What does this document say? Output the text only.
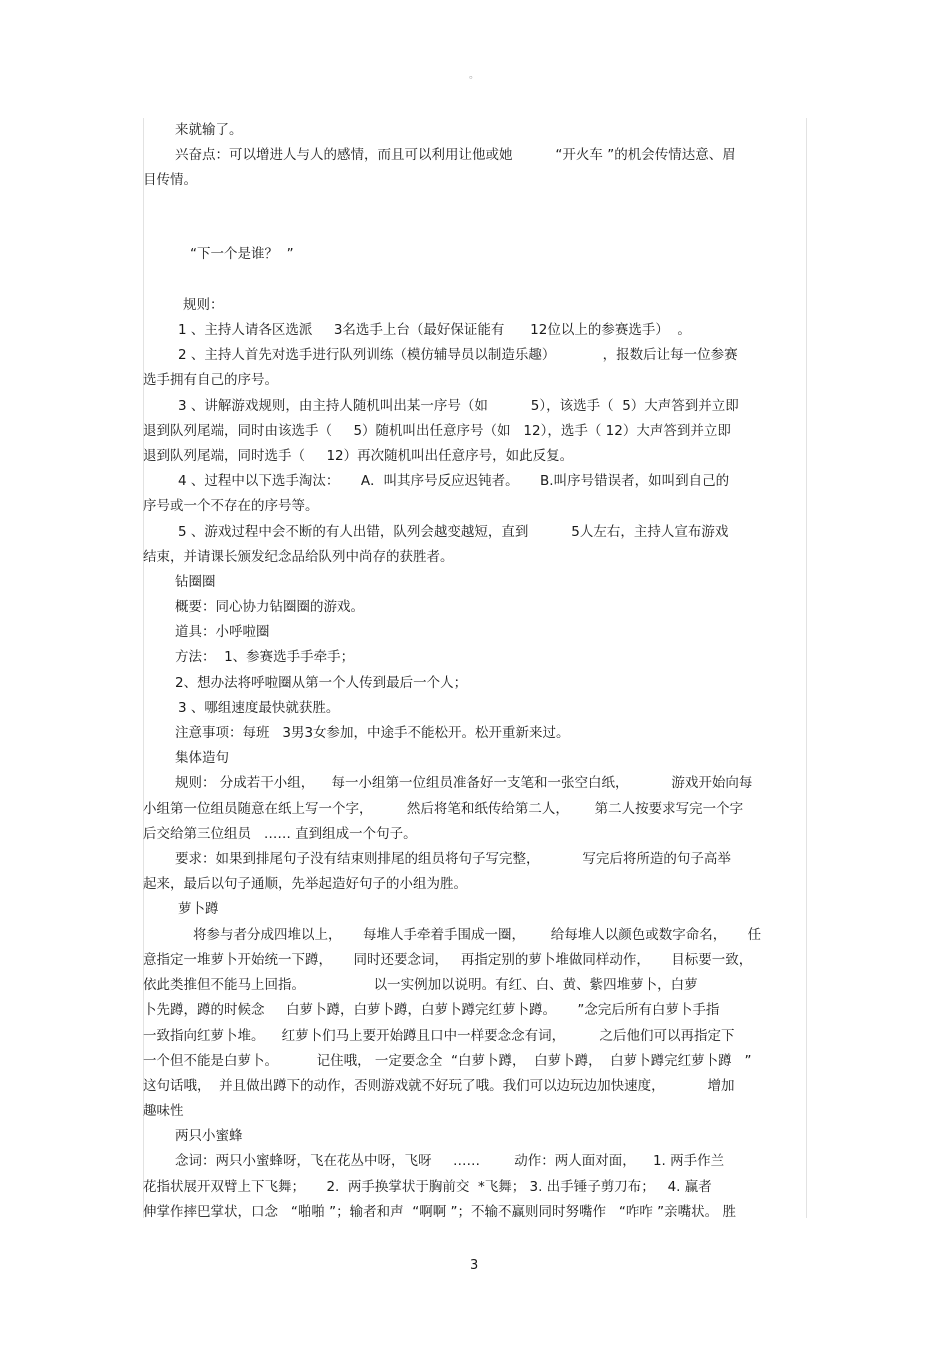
。
来就输了。
兴奋点：可以增进人与人的感情，而且可以利用让他或她          “开火车 ”的机会传情达意、眉
目传情。
“下一个是谁？  ”
规则：
1 、主持人请各区选派     3名选手上台（最好保证能有      12位以上的参赛选手）  。
2 、主持人首先对选手进行队列训练（模仿辅导员以制造乐趣）           ，报数后让每一位参赛
选手拥有自己的序号。
3 、讲解游戏规则，由主持人随机叫出某一序号（如          5），该选手（  5）大声答到并立即
退到队列尾端，同时由该选手（     5）随机叫出任意序号（如   12），选手（ 12）大声答到并立即
退到队列尾端，同时选手（     12）再次随机叫出任意序号，如此反复。
4 、过程中以下选手淘汰：     A．叫其序号反应迟钝者。     B.叫序号错误者，如叫到自己的
序号或一个不存在的序号等。
5 、游戏过程中会不断的有人出错，队列会越变越短，直到          5人左右，主持人宣布游戏
结束，并请课长颁发纪念品给队列中尚存的获胜者。
钻圈圈
概要：同心协力钻圈圈的游戏。
道具：小呼啦圈
方法：  1、参赛选手手牵手；
2、想办法将呼啦圈从第一个人传到最后一个人；
3 、哪组速度最快就获胜。
注意事项：每班   3男3女参加，中途手不能松开。松开重新来过。
集体造句
规则： 分成若干小组，    每一小组第一位组员准备好一支笔和一张空白纸，          游戏开始向每
小组第一位组员随意在纸上写一个字，        然后将笔和纸传给第二人，      第二人按要求写完一个字
后交给第三位组员   …… 直到组成一个句子。
要求：如果到排尾句子没有结束则排尾的组员将句子写完整，          写完后将所造的句子高举
起来，最后以句子通顺，先举起造好句子的小组为胜。
萝卜蹲
将参与者分成四堆以上，     每堆人手牵着手围成一圈，      给每堆人以颜色或数字命名，     任
意指定一堆萝卜开始统一下蹲，     同时还要念词，   再指定别的萝卜堆做同样动作，     目标要一致，
依此类推但不能马上回指。                以一实例加以说明。有红、白、黄、紫四堆萝卜，白萝
卜先蹲，蹲的时候念     白萝卜蹲，白萝卜蹲，白萝卜蹲完红萝卜蹲。     ”念完后所有白萝卜手指
一致指向红萝卜堆。    红萝卜们马上要开始蹲且口中一样要念念有词，        之后他们可以再指定下
一个但不能是白萝卜。         记住哦， 一定要念全  “白萝卜蹲，  白萝卜蹲，  白萝卜蹲完红萝卜蹲   ”
这句话哦，  并且做出蹲下的动作，否则游戏就不好玩了哦。我们可以边玩边加快速度，          增加
趣味性
两只小蜜蜂
念词：两只小蜜蜂呀，飞在花丛中呀，飞呀     ……        动作：两人面对面，    1. 两手作兰
花指状展开双臂上下飞舞；     2.  两手换掌状于胸前交  *飞舞； 3. 出手锤子剪刀布；   4. 赢者
伸掌作摔巴掌状，口念   “啪啪 ”；输者和声  “啊啊 ”；不输不赢则同时努嘴作   “咋咋 ”亲嘴状。 胜
3
